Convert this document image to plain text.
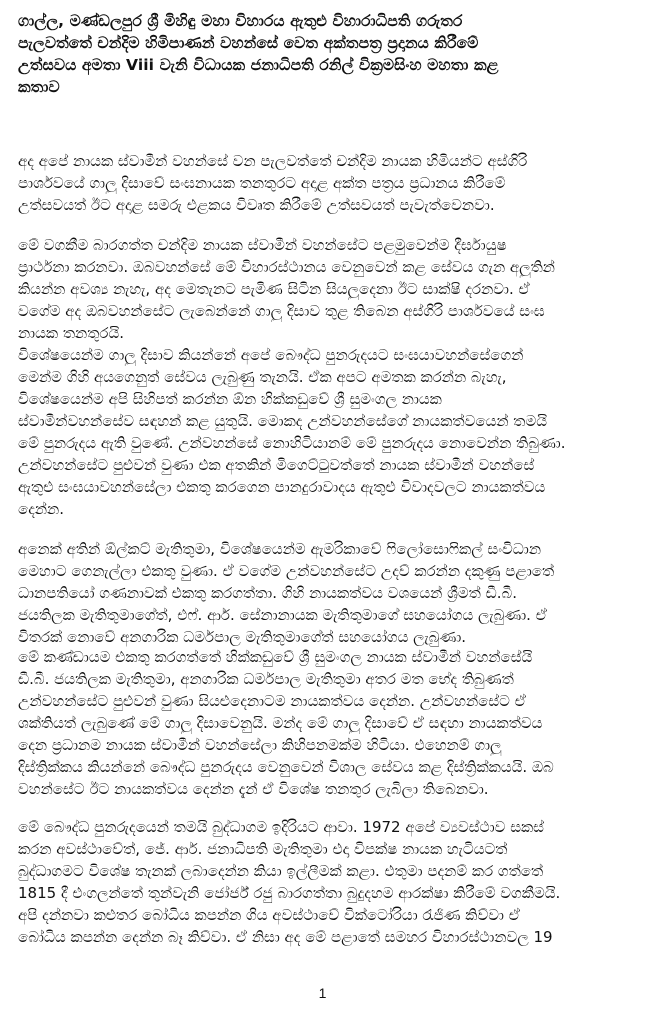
ගාල්ල, මණ්ඩලපුර ශ්‍රී මිහිඳු මහා විහාරය ඇතුළු විහාරාධිපති ගරුතර
පැලවත්තේ චන්දිම හිමිපාණන් වහන්සේ වෙත අක්තපත්‍ර ප්‍රදානය කිරීමේ
උත්සවය අමතා Viii වැනි විධායක ජනාධිපති රනිල් වික්‍රමසිංහ මහතා කළ
කතාව
අද අපේ නායක ස්වාමීන් වහන්සේ වන පැලවත්තේ චන්දිම නායක හිමියන්ට අස්ගිරි
පාර්ශවයේ ගාලු දිසාවේ සංඝනායක තනතුරට අදාළ අක්ත පත්‍රය ප්‍රධානය කිරීමේ
උත්සවයත් ඊට අදාළ සමරු එළකය විවෘත කිරීමේ උත්සවයත් පැවැත්වෙනවා.
මේ වගකීම බාරගත්ත චන්දිම නායක ස්වාමීන් වහන්සේට පළමුවෙන්ම දීර්ඝායුෂ
ප්‍රාර්ථනා කරනවා. ඔබවහන්සේ මේ විහාරස්ථානය වෙනුවෙන් කළ සේවය ගැන අලුතින්
කියන්න අවශ්‍ය නැහැ, අද මෙතැනට පැමිණ සිටින සියලුදෙනා ඊට සාක්ෂි දරනවා. ඒ
වගේම අද ඔබවහන්සේට ලැබෙන්නේ ගාලු දිසාව තුළ තිබෙන අස්ගිරි පාර්ශවයේ සංඝ
නායක තනතුරයි.
විශේෂයෙන්ම ගාලු දිසාව කියන්නේ අපේ බෞද්ධ පුනරුදයට සංඝයාවහන්සේගෙන්
මෙන්ම ගිහි අයගෙනුත් සේවය ලැබුණු තැනයි. ඒක අපට අමතක කරන්න බැහැ,
විශේෂයෙන්ම අපි සිහිපත් කරන්න ඕන හික්කඩුවේ ශ්‍රී සුමංගල නායක
ස්වාමීන්වහන්සේව සඳහන් කළ යුතුයි. මොකද උන්වහන්සේගේ නායකත්වයෙන් තමයි
මේ පුනරුදය ඇති වුණේ. උන්වහන්සේ නොහිටියානම් මේ පුනරුදය නොවෙන්න තිබුණා.
උන්වහන්සේට පුළුවන් වුණා එක අතකින් මිගෙට්ටුවත්තේ නායක ස්වාමීන් වහන්සේ
ඇතුළු සංඝයාවහන්සේලා එකතු කරගෙන පානදුරාවාදය ඇතුළු විවාදවලට නායකත්වය
දෙන්න.
අනෙක් අතින් ඕල්කට් මැතිතුමා, විශේෂයෙන්ම ඇමරිකාවේ ෆිලෝසොෆිකල් සංවිධාන
මෙහාට ගෙනැල්ලා එකතු වුණා. ඒ වගේම උන්වහන්සේට උදව් කරන්න දකුණු පළාතේ
ධානපතියෝ ගණනාවක් එකතු කරගත්තා. ගිහි නායකත්වය වශයෙන් ශ්‍රීමත් ඩී.බී.
ජයතිලක මැතිතුමාගේත්, එෆ්. ආර්. සේනානායක මැතිතුමාගේ සහයෝගය ලැබුණා. ඒ
විතරක් නොවේ අනගාරික ධර්මපාල මැතිතුමාගේත් සහයෝගය ලැබුණා.
මේ කණ්ඩායම එකතු කරගත්තේ හික්කඩුවේ ශ්‍රී සුමංගල නායක ස්වාමීන් වහන්සේයි
ඩී.බී. ජයතිලක මැතිතුමා, අනගාරික ධර්මපාල මැතිතුමා අතර මත භේද තිබුණත්
උන්වහන්සේට පුළුවන් වුණා සියළුදෙනාටම නායකත්වය දෙන්න. උන්වහන්සේට ඒ
ශක්තියත් ලැබුණේ මේ ගාලු දිසාවෙනුයි. මන්ද මේ ගාලු දිසාවේ ඒ සඳහා නායකත්වය
දෙන ප්‍රධානම නායක ස්වාමීන් වහන්සේලා කිහිපනමක්ම හිටියා. එහෙනම් ගාලු
දිස්ත්‍රික්කය කියන්නේ බෞද්ධ පුනරුදය වෙනුවෙන් විශාල සේවය කළ දිස්ත්‍රික්කයයි. ඔබ
වහන්සේට ඊට නායකත්වය දෙන්න දැන් ඒ විශේෂ තනතුර ලැබිලා තිබෙනවා.
මේ බෞද්ධ පුනරුදයෙන් තමයි බුද්ධාගම ඉදිරියට ආවා. 1972 අපේ ව්‍යවස්ථාව සකස්
කරන අවස්ථාවේත්, ජේ. ආර්. ජනාධිපති මැතිතුමා එදා විපක්ෂ නායක හැටියටත්
බුද්ධාගමට විශේෂ තැනක් ලබාදෙන්න කියා ඉල්ලීමක් කළා. එතුමා පදනම් කර ගත්තේ
1815 දී එංගලන්තේ තුන්වැනි ජෝර්ජ් රජු බාරගත්තා බුදුදහම ආරක්ෂා කිරීමේ වගකීමයි.
අපි දන්නවා කළුතර බෝධිය කපන්න ගිය අවස්ථාවේ වික්ටෝරියා රැජිණ කිව්වා ඒ
බෝධිය කපන්න දෙන්න බෑ කිව්වා. ඒ නිසා අද මේ පළාතේ සමහර විහාරස්ථානවල 19
1
